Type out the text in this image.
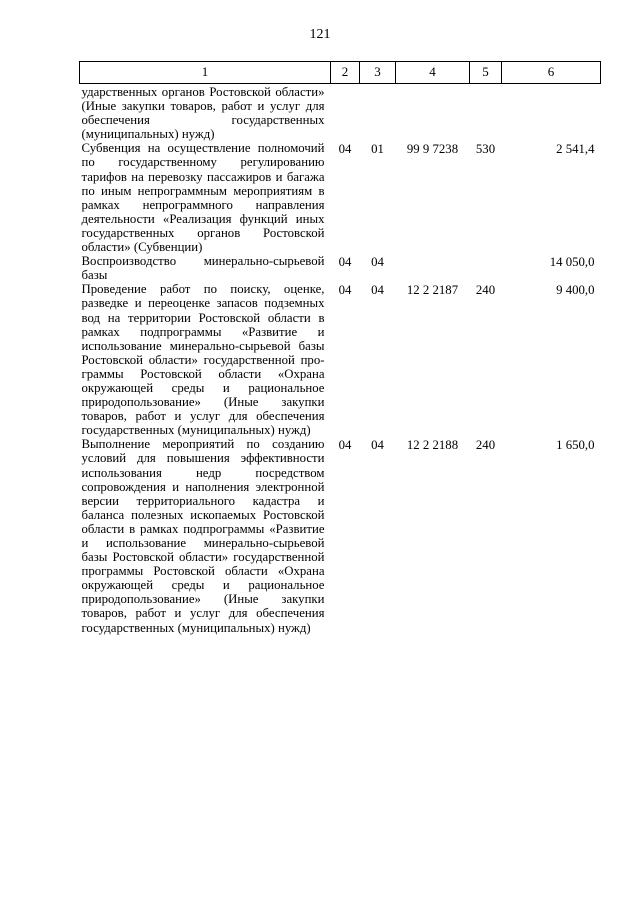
121
1	2	3	4	5	6
ударственных органов Ростовской области» (Иные закупки товаров, работ и услуг для обеспечения государственных (муниципальных) нужд)					
Субвенция на осуществление полномочий по государственному регулированию тарифов на перевозку пассажиров и багажа по иным непрограммным мероприятиям в рамках непрограммного направления деятельности «Реализация функций иных государственных органов Ростовской области» (Субвенции)	04	01	99 9 7238	530	2 541,4
Воспроизводство минерально-сырьевой базы	04	04			14 050,0
Проведение работ по поиску, оценке, разведке и переоценке запасов подземных вод на территории Ростовской области в рамках подпрограммы «Развитие и использование минерально-сырьевой базы Ростовской области» государственной программы Ростовской области «Охрана окружающей среды и рациональное природопользование» (Иные закупки товаров, работ и услуг для обеспечения государственных (муниципальных) нужд)	04	04	12 2 2187	240	9 400,0
Выполнение мероприятий по созданию условий для повышения эффективности использования недр посредством сопровождения и наполнения электронной версии территориального кадастра и баланса полезных ископаемых Ростовской области в рамках подпрограммы «Развитие и использование минерально-сырьевой базы Ростовской области» государственной программы Ростовской области «Охрана окружающей среды и рациональное природопользование» (Иные закупки товаров, работ и услуг для обеспечения государственных (муниципальных) нужд)	04	04	12 2 2188	240	1 650,0
